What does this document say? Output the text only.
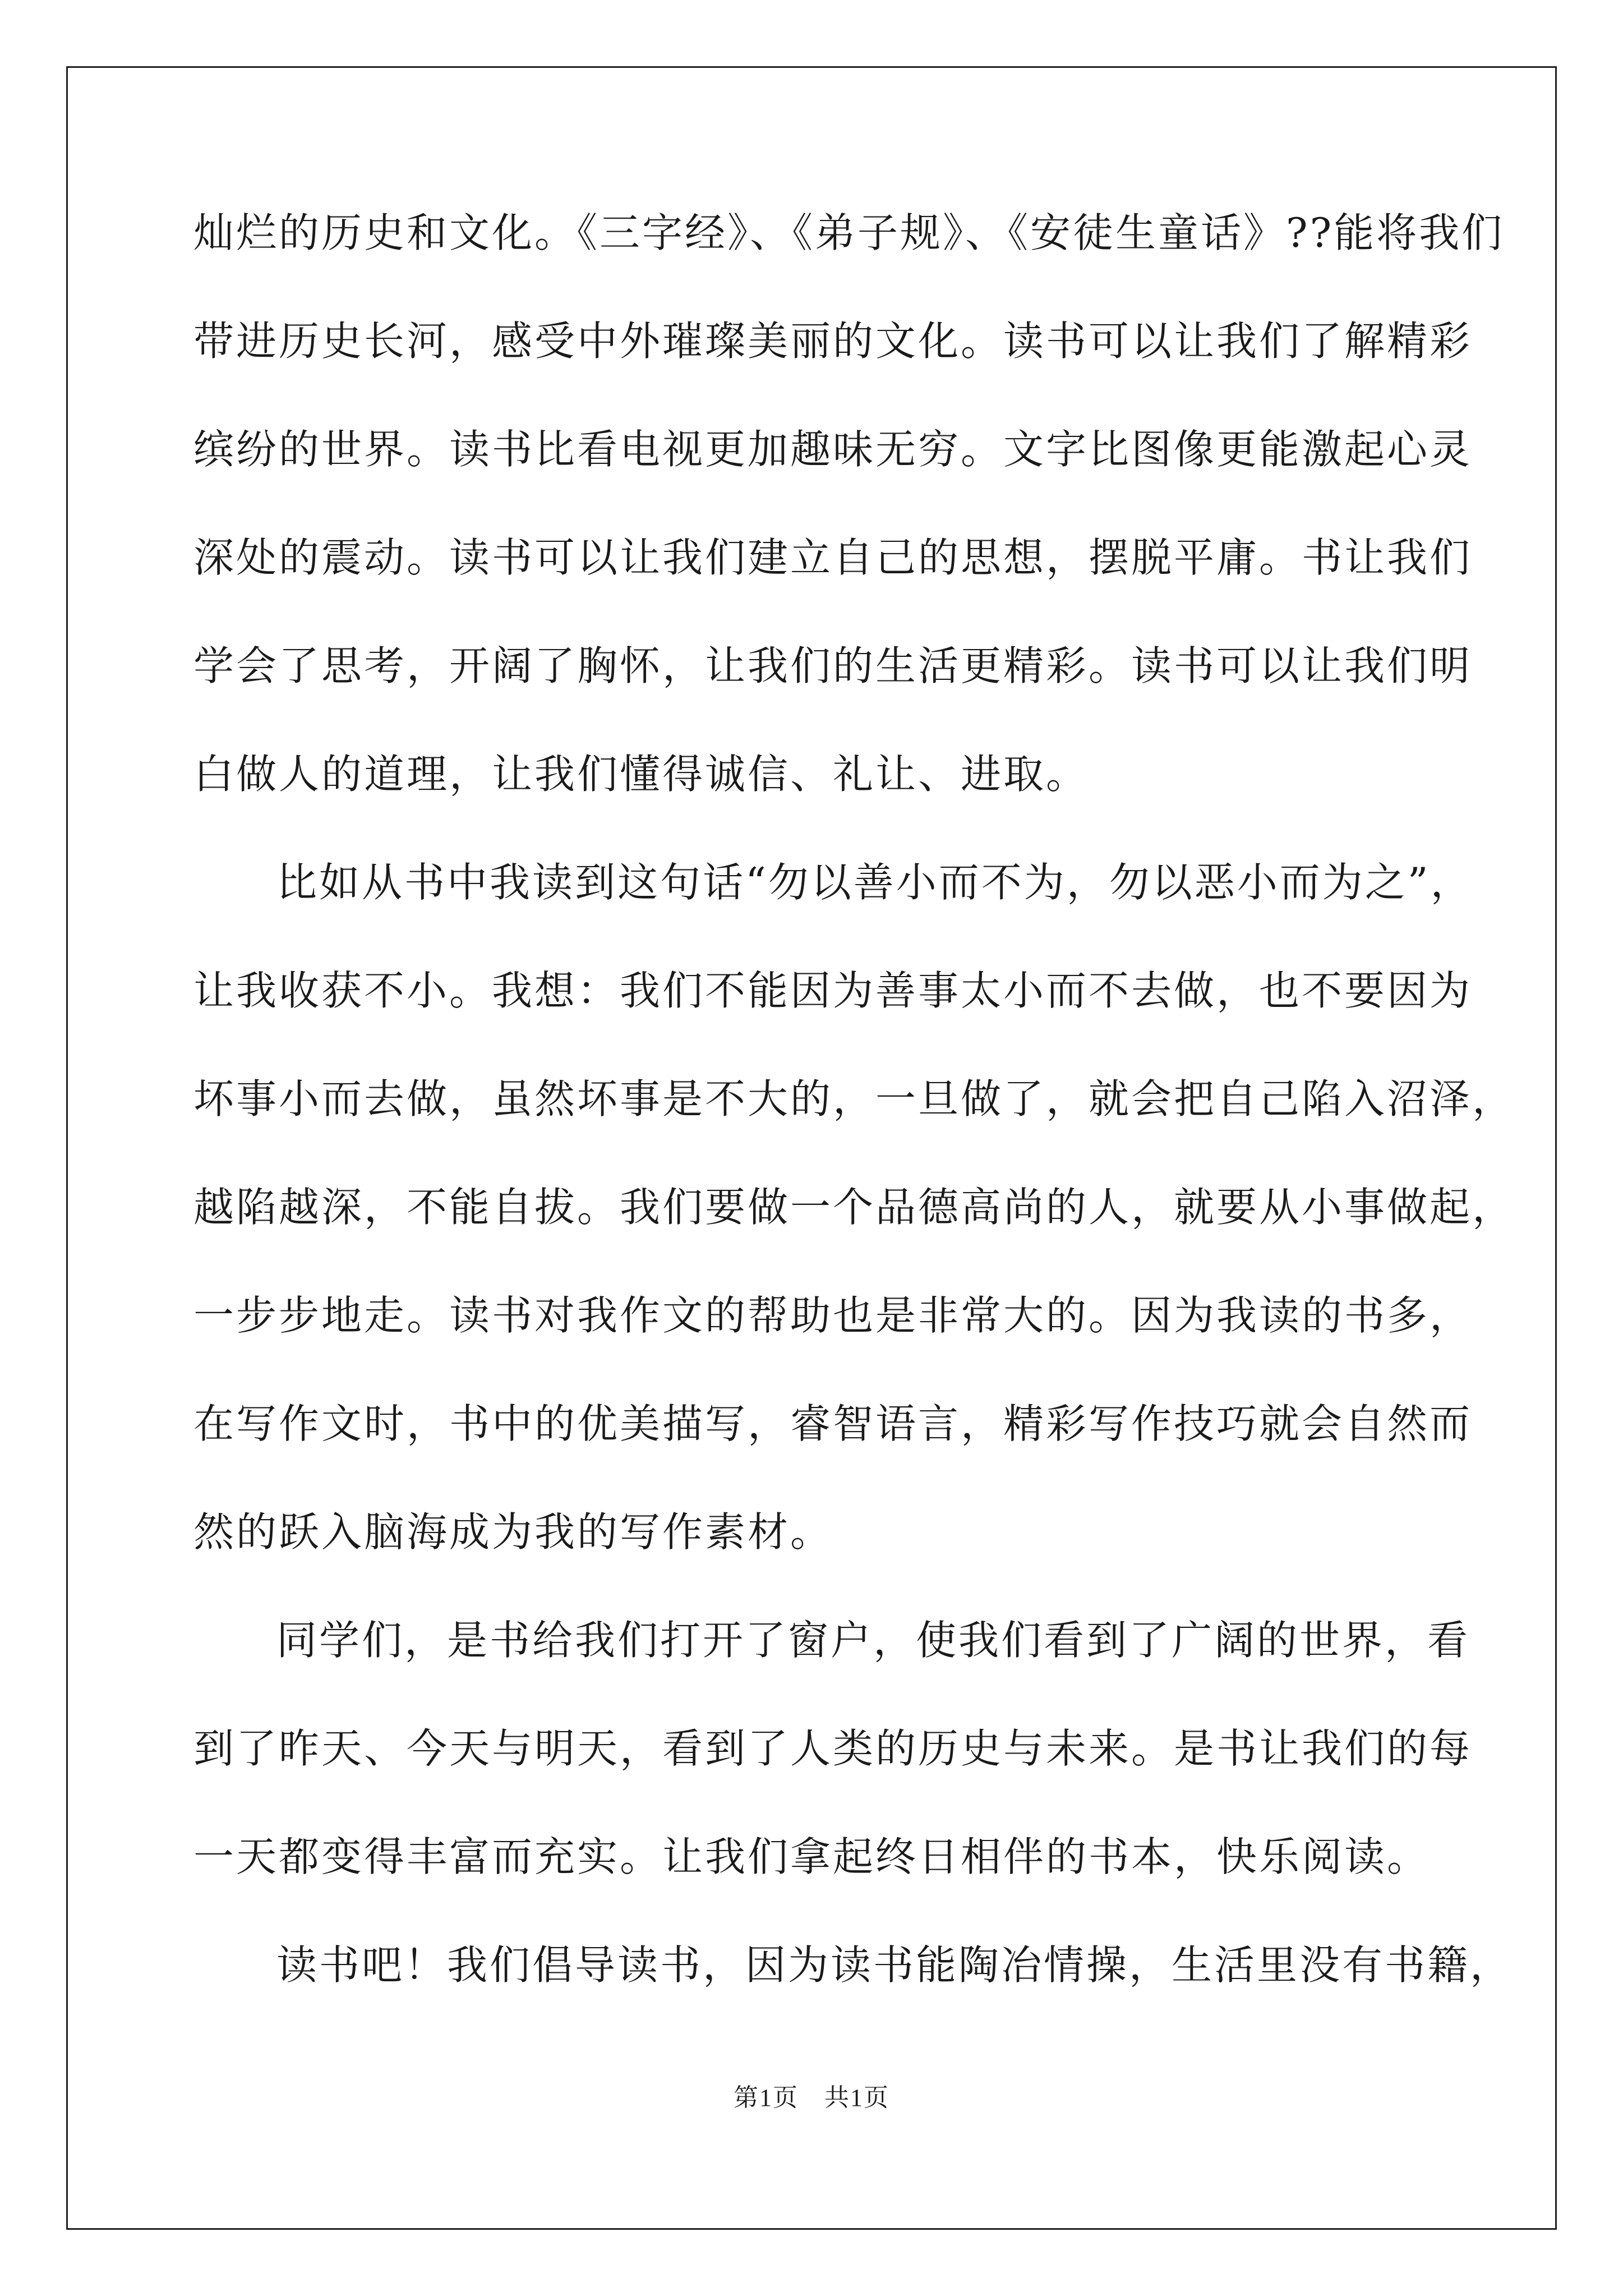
灿烂的历史和文化。《三字经》、《弟子规》、《安徒生童话》??能将我们
带进历史长河，感受中外璀璨美丽的文化。读书可以让我们了解精彩
缤纷的世界。读书比看电视更加趣味无穷。文字比图像更能激起心灵
深处的震动。读书可以让我们建立自己的思想，摆脱平庸。书让我们
学会了思考，开阔了胸怀，让我们的生活更精彩。读书可以让我们明
白做人的道理，让我们懂得诚信、礼让、进取。
比如从书中我读到这句话“勿以善小而不为，勿以恶小而为之”，
让我收获不小。我想：我们不能因为善事太小而不去做，也不要因为
坏事小而去做，虽然坏事是不大的，一旦做了，就会把自己陷入沼泽，
越陷越深，不能自拔。我们要做一个品德高尚的人，就要从小事做起，
一步步地走。读书对我作文的帮助也是非常大的。因为我读的书多，
在写作文时，书中的优美描写，睿智语言，精彩写作技巧就会自然而
然的跃入脑海成为我的写作素材。
同学们，是书给我们打开了窗户，使我们看到了广阔的世界，看
到了昨天、今天与明天，看到了人类的历史与未来。是书让我们的每
一天都变得丰富而充实。让我们拿起终日相伴的书本，快乐阅读。
读书吧！我们倡导读书，因为读书能陶冶情操，生活里没有书籍，
第1页　共1页
